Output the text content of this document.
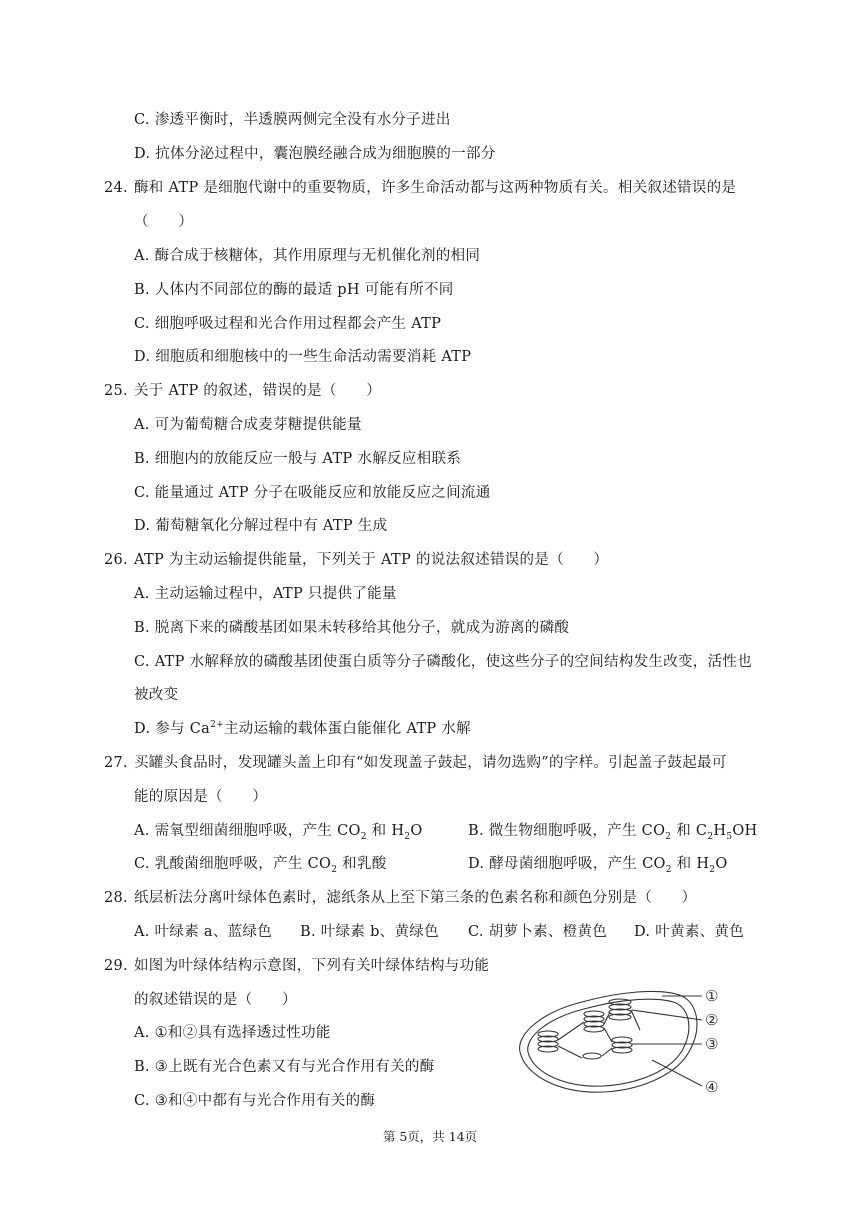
C. 渗透平衡时，半透膜两侧完全没有水分子进出
D. 抗体分泌过程中，囊泡膜经融合成为细胞膜的一部分
24. 酶和 ATP 是细胞代谢中的重要物质，许多生命活动都与这两种物质有关。相关叙述错误的是
（　　）
A. 酶合成于核糖体，其作用原理与无机催化剂的相同
B. 人体内不同部位的酶的最适 pH 可能有所不同
C. 细胞呼吸过程和光合作用过程都会产生 ATP
D. 细胞质和细胞核中的一些生命活动需要消耗 ATP
25. 关于 ATP 的叙述，错误的是（　　）
A. 可为葡萄糖合成麦芽糖提供能量
B. 细胞内的放能反应一般与 ATP 水解反应相联系
C. 能量通过 ATP 分子在吸能反应和放能反应之间流通
D. 葡萄糖氧化分解过程中有 ATP 生成
26. ATP 为主动运输提供能量，下列关于 ATP 的说法叙述错误的是（　　）
A. 主动运输过程中，ATP 只提供了能量
B. 脱离下来的磷酸基团如果未转移给其他分子，就成为游离的磷酸
C. ATP 水解释放的磷酸基团使蛋白质等分子磷酸化，使这些分子的空间结构发生改变，活性也
被改变
D. 参与 $Ca^{2+}$主动运输的载体蛋白能催化 ATP 水解
27. 买罐头食品时，发现罐头盖上印有“如发现盖子鼓起，请勿选购”的字样。引起盖子鼓起最可
能的原因是（　　）
A. 需氧型细菌细胞呼吸，产生 $CO_2$ 和 $H_2O$	B. 微生物细胞呼吸，产生 $CO_2$ 和 $C_2H_5OH$
C. 乳酸菌细胞呼吸，产生 $CO_2$ 和乳酸	D. 酵母菌细胞呼吸，产生 $CO_2$ 和 $H_2O$
28. 纸层析法分离叶绿体色素时，滤纸条从上至下第三条的色素名称和颜色分别是（　　）
A. 叶绿素 a、蓝绿色 B. 叶绿素 b、黄绿色 C. 胡萝卜素、橙黄色 D. 叶黄素、黄色
29. 如图为叶绿体结构示意图，下列有关叶绿体结构与功能
的叙述错误的是（　　）
A. ①和②具有选择透过性功能
B. ③上既有光合色素又有与光合作用有关的酶
C. ③和④中都有与光合作用有关的酶
①
②
③
④
第 5页，共 14页
